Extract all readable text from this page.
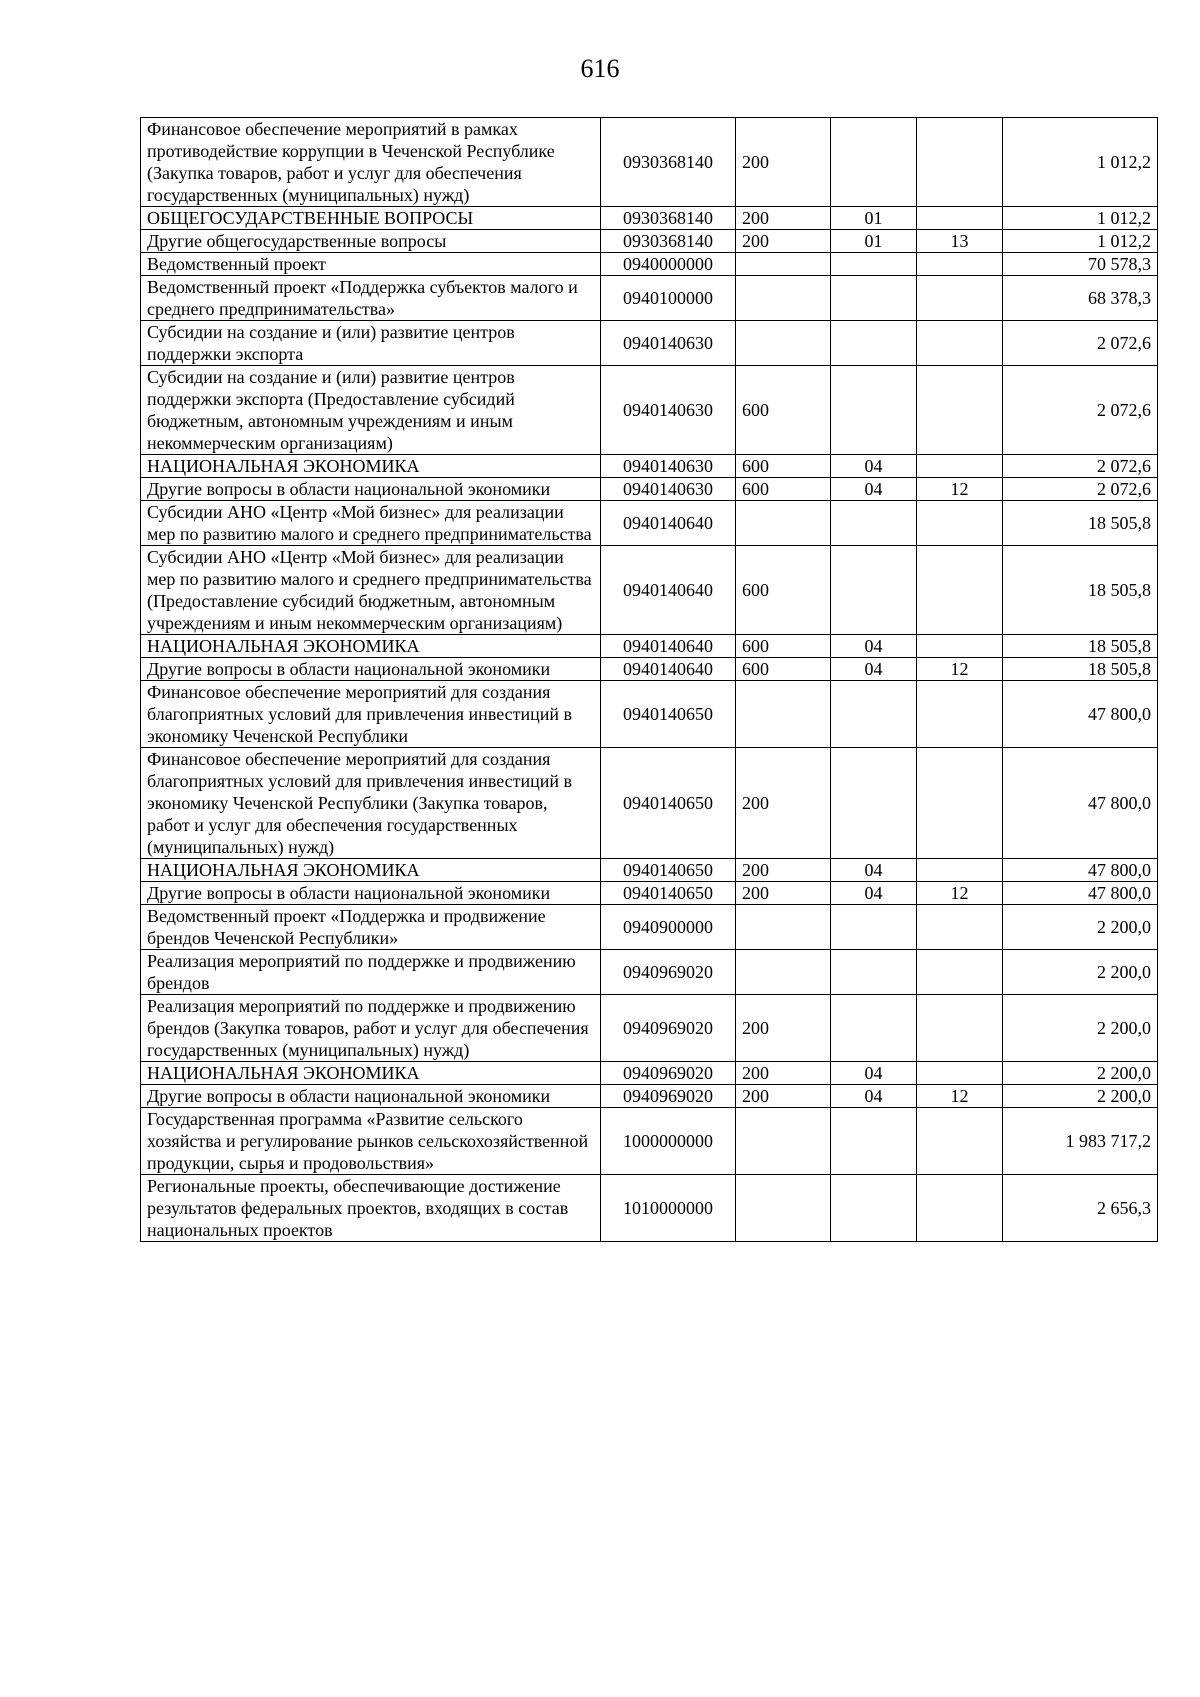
616
Финансовое обеспечение мероприятий в рамках противодействие коррупции в Чеченской Республике (Закупка товаров, работ и услуг для обеспечения государственных (муниципальных) нужд)	0930368140	200			1 012,2
ОБЩЕГОСУДАРСТВЕННЫЕ ВОПРОСЫ	0930368140	200	01		1 012,2
Другие общегосударственные вопросы	0930368140	200	01	13	1 012,2
Ведомственный проект	0940000000				70 578,3
Ведомственный проект «Поддержка субъектов малого и среднего предпринимательства»	0940100000				68 378,3
Субсидии на создание и (или) развитие центров поддержки экспорта	0940140630				2 072,6
Субсидии на создание и (или) развитие центров поддержки экспорта (Предоставление субсидий бюджетным, автономным учреждениям и иным некоммерческим организациям)	0940140630	600			2 072,6
НАЦИОНАЛЬНАЯ ЭКОНОМИКА	0940140630	600	04		2 072,6
Другие вопросы в области национальной экономики	0940140630	600	04	12	2 072,6
Субсидии АНО «Центр «Мой бизнес» для реализации мер по развитию малого и среднего предпринимательства	0940140640				18 505,8
Субсидии АНО «Центр «Мой бизнес» для реализации мер по развитию малого и среднего предпринимательства (Предоставление субсидий бюджетным, автономным учреждениям и иным некоммерческим организациям)	0940140640	600			18 505,8
НАЦИОНАЛЬНАЯ ЭКОНОМИКА	0940140640	600	04		18 505,8
Другие вопросы в области национальной экономики	0940140640	600	04	12	18 505,8
Финансовое обеспечение мероприятий для создания благоприятных условий для привлечения инвестиций в экономику Чеченской Республики	0940140650				47 800,0
Финансовое обеспечение мероприятий для создания благоприятных условий для привлечения инвестиций в экономику Чеченской Республики (Закупка товаров, работ и услуг для обеспечения государственных (муниципальных) нужд)	0940140650	200			47 800,0
НАЦИОНАЛЬНАЯ ЭКОНОМИКА	0940140650	200	04		47 800,0
Другие вопросы в области национальной экономики	0940140650	200	04	12	47 800,0
Ведомственный проект «Поддержка и продвижение брендов Чеченской Республики»	0940900000				2 200,0
Реализация мероприятий по поддержке и продвижению брендов	0940969020				2 200,0
Реализация мероприятий по поддержке и продвижению брендов (Закупка товаров, работ и услуг для обеспечения государственных (муниципальных) нужд)	0940969020	200			2 200,0
НАЦИОНАЛЬНАЯ ЭКОНОМИКА	0940969020	200	04		2 200,0
Другие вопросы в области национальной экономики	0940969020	200	04	12	2 200,0
Государственная программа «Развитие сельского хозяйства и регулирование рынков сельскохозяйственной продукции, сырья и продовольствия»	1000000000				1 983 717,2
Региональные проекты, обеспечивающие достижение результатов федеральных проектов, входящих в состав национальных проектов	1010000000				2 656,3
